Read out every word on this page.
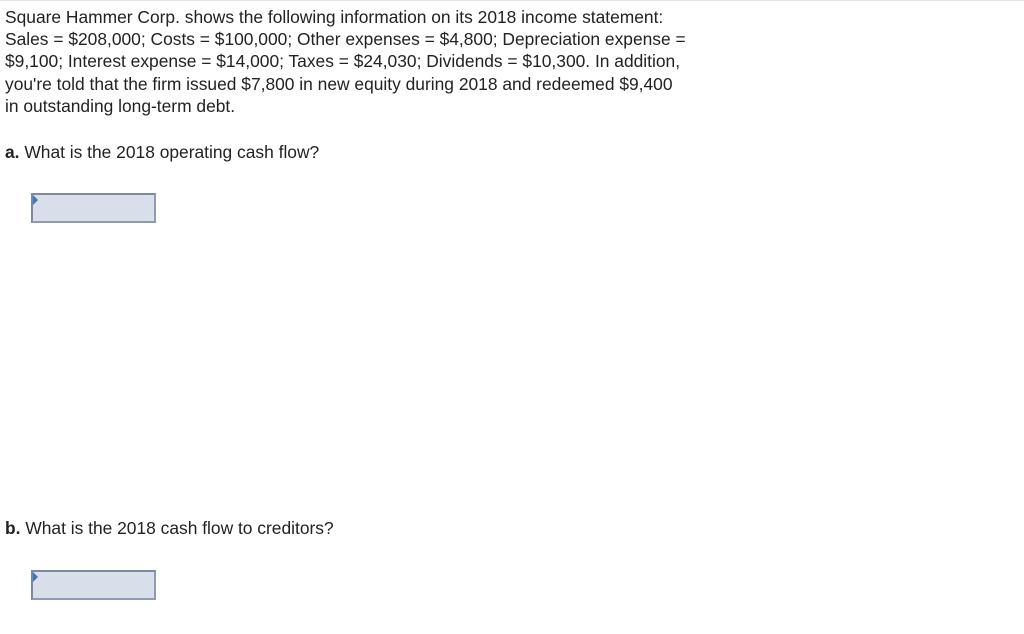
Square Hammer Corp. shows the following information on its 2018 income statement:
Sales = $208,000; Costs = $100,000; Other expenses = $4,800; Depreciation expense =
$9,100; Interest expense = $14,000; Taxes = $24,030; Dividends = $10,300. In addition,
you're told that the firm issued $7,800 in new equity during 2018 and redeemed $9,400
in outstanding long-term debt.

a. What is the 2018 operating cash flow?

b. What is the 2018 cash flow to creditors?
